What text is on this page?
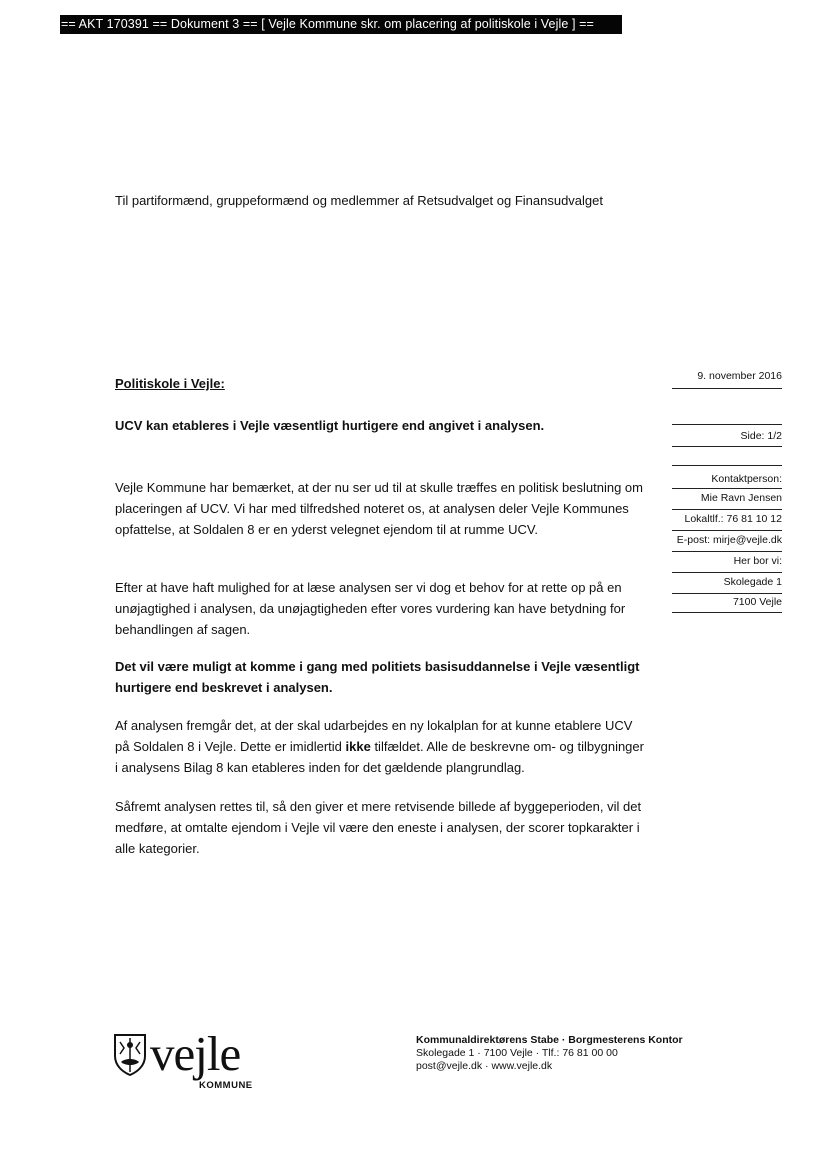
== AKT 170391 == Dokument 3 == [ Vejle Kommune skr. om placering af politiskole i Vejle ] ==
Til partiformænd, gruppeformænd og medlemmer af Retsudvalget og Finansudvalget
Politiskole i Vejle:
UCV kan etableres i Vejle væsentligt hurtigere end angivet i analysen.

Vejle Kommune har bemærket, at der nu ser ud til at skulle træffes en politisk beslutning om placeringen af UCV. Vi har med tilfredshed noteret os, at analysen deler Vejle Kommunes opfattelse, at Soldalen 8 er en yderst velegnet ejendom til at rumme UCV.

Efter at have haft mulighed for at læse analysen ser vi dog et behov for at rette op på en unøjagtighed i analysen, da unøjagtigheden efter vores vurdering kan have betydning for behandlingen af sagen.

Det vil være muligt at komme i gang med politiets basisuddannelse i Vejle væsentligt hurtigere end beskrevet i analysen.

Af analysen fremgår det, at der skal udarbejdes en ny lokalplan for at kunne etablere UCV på Soldalen 8 i Vejle. Dette er imidlertid ikke tilfældet. Alle de beskrevne om- og tilbygninger i analysens Bilag 8 kan etableres inden for det gældende plangrundlag.

Såfremt analysen rettes til, så den giver et mere retvisende billede af byggeperioden, vil det medføre, at omtalte ejendom i Vejle vil være den eneste i analysen, der scorer topkarakter i alle kategorier.

9. november 2016
Side: 1/2
Kontaktperson:
Mie Ravn Jensen
Lokaltlf.: 76 81 10 12
E-post: mirje@vejle.dk
Her bor vi:
Skolegade 1
7100 Vejle
vejle
KOMMUNE
Kommunaldirektørens Stabe · Borgmesterens Kontor
Skolegade 1 · 7100 Vejle · Tlf.: 76 81 00 00
post@vejle.dk · www.vejle.dk
